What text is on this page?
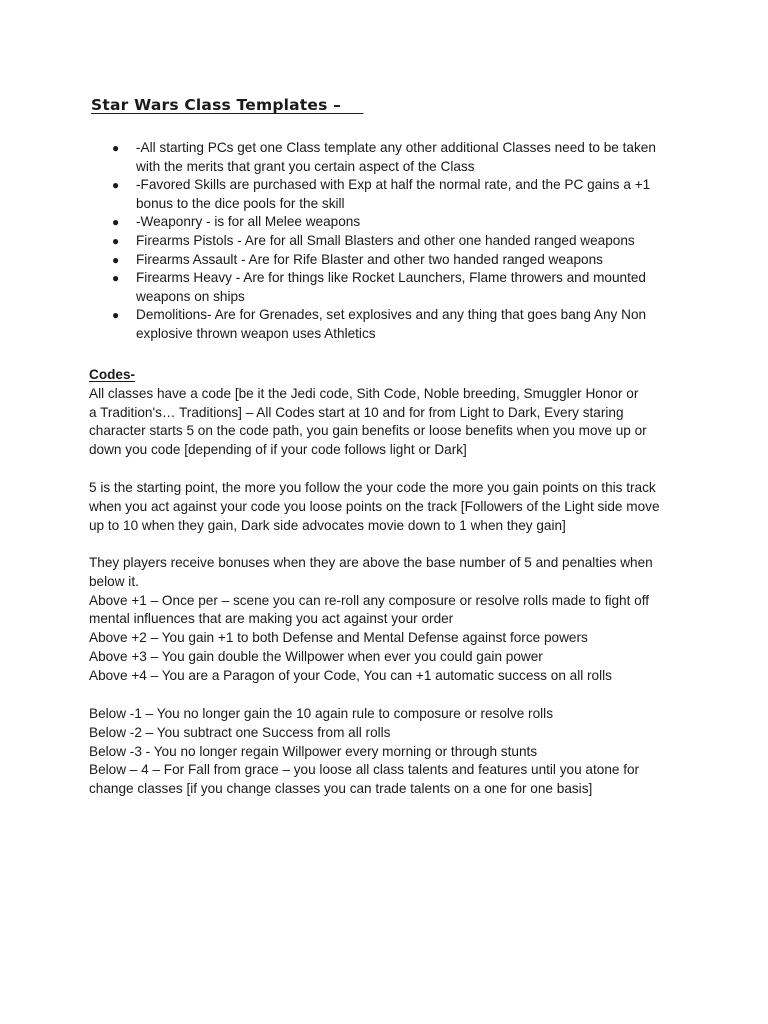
Star Wars Class Templates –
● -All starting PCs get one Class template any other additional Classes need to be taken
with the merits that grant you certain aspect of the Class
● -Favored Skills are purchased with Exp at half the normal rate, and the PC gains a +1
bonus to the dice pools for the skill
● -Weaponry - is for all Melee weapons
● Firearms Pistols - Are for all Small Blasters and other one handed ranged weapons
● Firearms Assault - Are for Rife Blaster and other two handed ranged weapons
● Firearms Heavy - Are for things like Rocket Launchers, Flame throwers and mounted
weapons on ships
● Demolitions- Are for Grenades, set explosives and any thing that goes bang Any Non
explosive thrown weapon uses Athletics
Codes-
All classes have a code [be it the Jedi code, Sith Code, Noble breeding, Smuggler Honor or
a Tradition's… Traditions] – All Codes start at 10 and for from Light to Dark, Every staring
character starts 5 on the code path, you gain benefits or loose benefits when you move up or
down you code [depending of if your code follows light or Dark]
5 is the starting point, the more you follow the your code the more you gain points on this track
when you act against your code you loose points on the track [Followers of the Light side move
up to 10 when they gain, Dark side advocates movie down to 1 when they gain]
They players receive bonuses when they are above the base number of 5 and penalties when
below it.
Above +1 – Once per – scene you can re-roll any composure or resolve rolls made to fight off
mental influences that are making you act against your order
Above +2 – You gain +1 to both Defense and Mental Defense against force powers
Above +3 – You gain double the Willpower when ever you could gain power
Above +4 – You are a Paragon of your Code, You can +1 automatic success on all rolls
Below -1 – You no longer gain the 10 again rule to composure or resolve rolls
Below -2 – You subtract one Success from all rolls
Below -3 - You no longer regain Willpower every morning or through stunts
Below – 4 – For Fall from grace – you loose all class talents and features until you atone for
change classes [if you change classes you can trade talents on a one for one basis]
